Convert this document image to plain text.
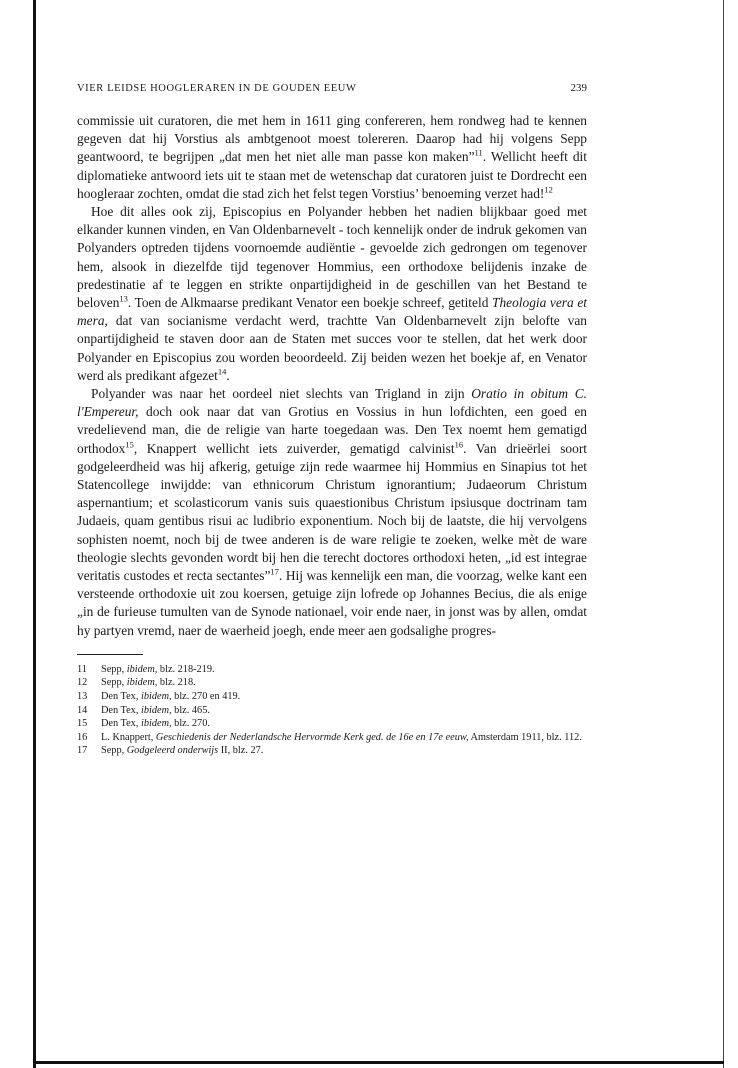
VIER LEIDSE HOOGLERAREN IN DE GOUDEN EEUW	239

commissie uit curatoren, die met hem in 1611 ging confereren, hem rondweg had te kennen gegeven dat hij Vorstius als ambtgenoot moest tolereren. Daarop had hij volgens Sepp geantwoord, te begrijpen „dat men het niet alle man passe kon maken”$^{11}$. Wellicht heeft dit diplomatieke antwoord iets uit te staan met de wetenschap dat curatoren juist te Dordrecht een hoogleraar zochten, omdat die stad zich het felst tegen Vorstius’ benoeming verzet had!$^{12}$

Hoe dit alles ook zij, Episcopius en Polyander hebben het nadien blijkbaar goed met elkander kunnen vinden, en Van Oldenbarnevelt - toch kennelijk onder de indruk gekomen van Polyanders optreden tijdens voornoemde audiëntie - gevoelde zich gedrongen om tegenover hem, alsook in diezelfde tijd tegenover Hommius, een orthodoxe belijdenis inzake de predestinatie af te leggen en strikte onpartijdigheid in de geschillen van het Bestand te beloven$^{13}$. Toen de Alkmaarse predikant Venator een boekje schreef, getiteld Theologia vera et mera, dat van socianisme verdacht werd, trachtte Van Oldenbarnevelt zijn belofte van onpartijdigheid te staven door aan de Staten met succes voor te stellen, dat het werk door Polyander en Episcopius zou worden beoordeeld. Zij beiden wezen het boekje af, en Venator werd als predikant afgezet$^{14}$.

Polyander was naar het oordeel niet slechts van Trigland in zijn Oratio in obitum C. l'Empereur, doch ook naar dat van Grotius en Vossius in hun lofdichten, een goed en vredelievend man, die de religie van harte toegedaan was. Den Tex noemt hem gematigd orthodox$^{15}$, Knappert wellicht iets zuiverder, gematigd calvinist$^{16}$. Van drieërlei soort godgeleerdheid was hij afkerig, getuige zijn rede waarmee hij Hommius en Sinapius tot het Statencollege inwijdde: van ethnicorum Christum ignorantium; Judaeorum Christum aspernantium; et scolasticorum vanis suis quaestionibus Christum ipsiusque doctrinam tam Judaeis, quam gentibus risui ac ludibrio exponentium. Noch bij de laatste, die hij vervolgens sophisten noemt, noch bij de twee anderen is de ware religie te zoeken, welke mèt de ware theologie slechts gevonden wordt bij hen die terecht doctores orthodoxi heten, „id est integrae veritatis custodes et recta sectantes”$^{17}$. Hij was kennelijk een man, die voorzag, welke kant een versteende orthodoxie uit zou koersen, getuige zijn lofrede op Johannes Becius, die als enige „in de furieuse tumulten van de Synode nationael, voir ende naer, in jonst was by allen, omdat hy partyen vremd, naer de waerheid joegh, ende meer aen godsalighe progres-

11	Sepp, ibidem, blz. 218-219.
12	Sepp, ibidem, blz. 218.
13	Den Tex, ibidem, blz. 270 en 419.
14	Den Tex, ibidem, blz. 465.
15	Den Tex, ibidem, blz. 270.
16	L. Knappert, Geschiedenis der Nederlandsche Hervormde Kerk ged. de 16e en 17e eeuw, Amsterdam 1911, blz. 112.
17	Sepp, Godgeleerd onderwijs II, blz. 27.
